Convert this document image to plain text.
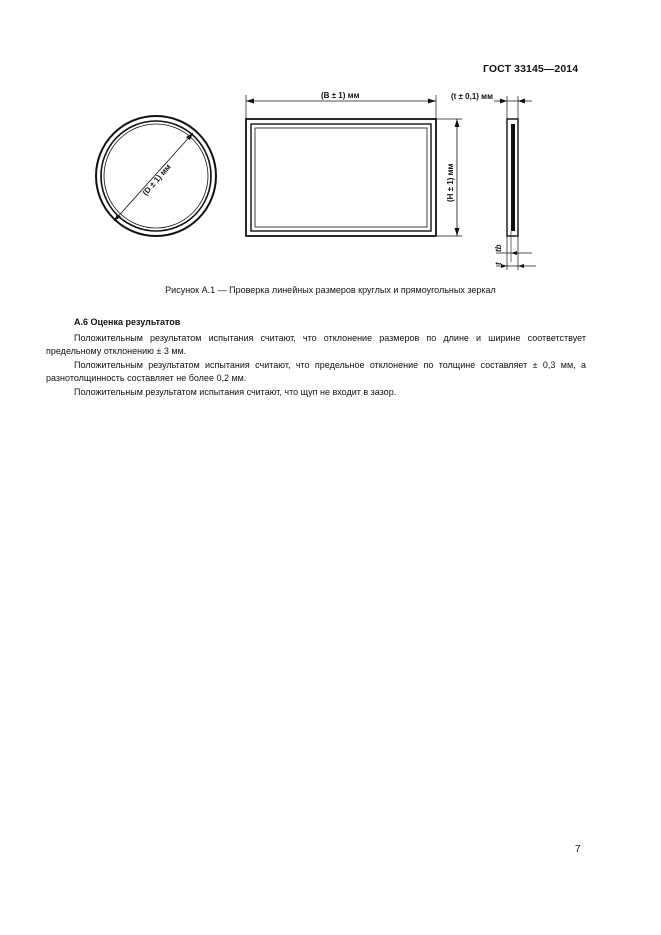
ГОСТ 33145—2014
(D ± 1) мм
(B ± 1) мм
(H ± 1) мм
(t ± 0,1) мм
tb
t
Рисунок А.1 — Проверка линейных размеров круглых и прямоугольных зеркал
А.6 Оценка результатов

Положительным результатом испытания считают, что отклонение размеров по длине и ширине соответствует предельному отклонению ± 3 мм.

Положительным результатом испытания считают, что предельное отклонение по толщине составляет ± 0,3 мм, а разнотолщинность составляет не более 0,2 мм.

Положительным результатом испытания считают, что щуп не входит в зазор.

7
